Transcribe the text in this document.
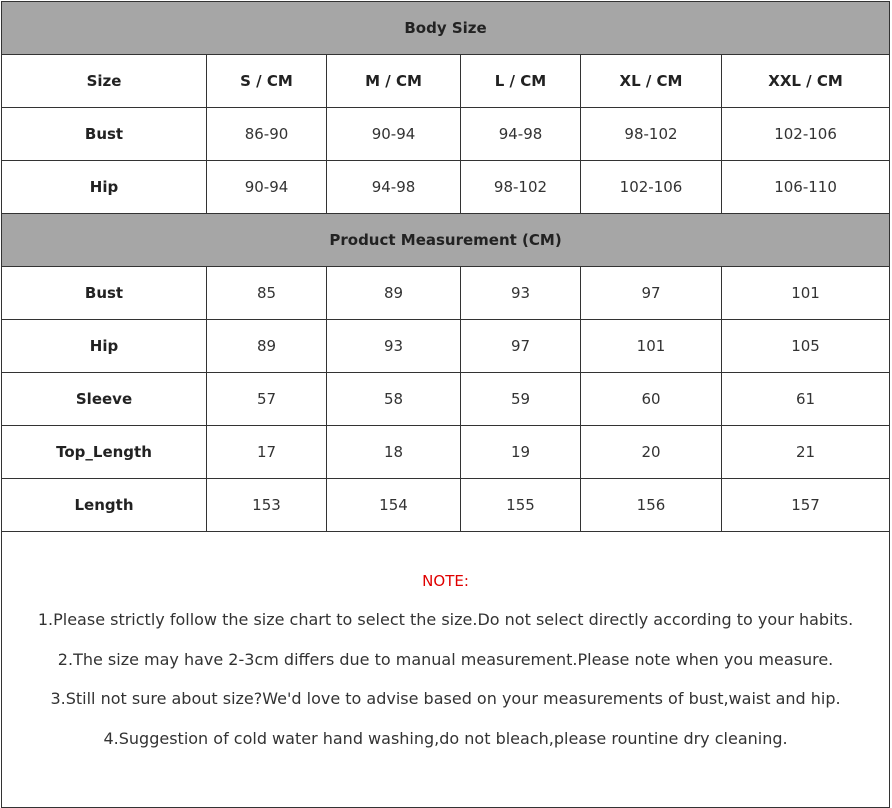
Body Size					
Size	S / CM	M / CM	L / CM	XL / CM	XXL / CM
Bust	86-90	90-94	94-98	98-102	102-106
Hip	90-94	94-98	98-102	102-106	106-110
Product Measurement (CM)					
Bust	85	89	93	97	101
Hip	89	93	97	101	105
Sleeve	57	58	59	60	61
Top_Length	17	18	19	20	21
Length	153	154	155	156	157

NOTE:
1.Please strictly follow the size chart to select the size.Do not select directly according to your habits.
2.The size may have 2-3cm differs due to manual measurement.Please note when you measure.
3.Still not sure about size?We'd love to advise based on your measurements of bust,waist and hip.
4.Suggestion of cold water hand washing,do not bleach,please rountine dry cleaning.					
